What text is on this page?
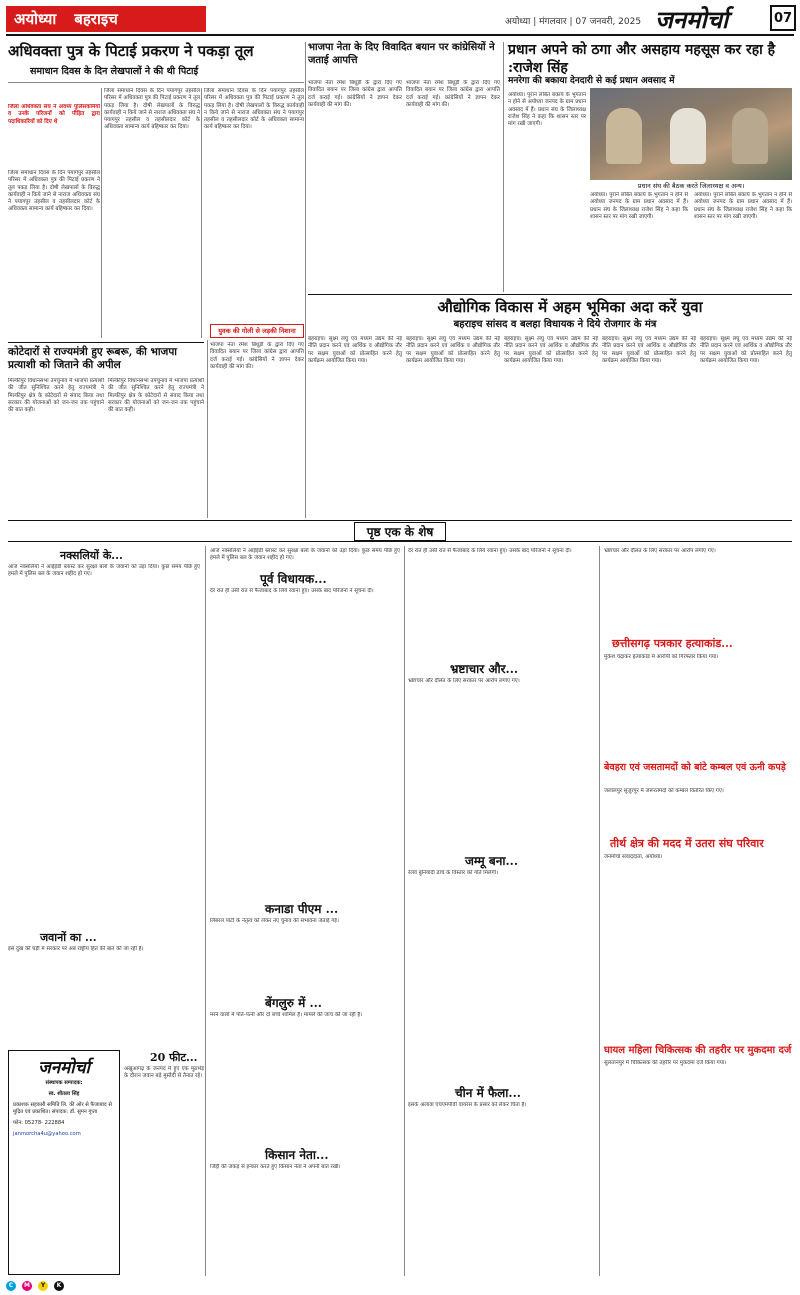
अयोध्या बहराइच	अयोध्या | मंगलवार | 07 जनवरी, 2025 जनमोर्चा	07
अधिवक्ता पुत्र के पिटाई प्रकरण ने पकड़ा तूल
समाधान दिवस के दिन लेखपालों ने की थी पिटाई
जिला अधिवक्ता संघ ने अवध्य पुलिसकर्मियों व उनके परिजनों को पीड़ित द्वारा पदाधिकारियों को दिए थे
जिला समाधान दिवस के दिन पयागपुर तहसील परिसर में अधिवक्ता पुत्र की पिटाई प्रकरण ने तूल पकड़ लिया है। दोषी लेखपालों के विरुद्ध कार्यवाही न किये जाने से नाराज अधिवक्ता संघ ने पयागपुर तहसील व तहसीलदार कोर्ट के अधिवक्ता सामान्य कार्य बहिष्कार कर दिया।
जिला समाधान दिवस के दिन पयागपुर तहसील परिसर में अधिवक्ता पुत्र की पिटाई प्रकरण ने तूल पकड़ लिया है। दोषी लेखपालों के विरुद्ध कार्यवाही न किये जाने से नाराज अधिवक्ता संघ ने पयागपुर तहसील व तहसीलदार कोर्ट के अधिवक्ता सामान्य कार्य बहिष्कार कर दिया।
जिला समाधान दिवस के दिन पयागपुर तहसील परिसर में अधिवक्ता पुत्र की पिटाई प्रकरण ने तूल पकड़ लिया है। दोषी लेखपालों के विरुद्ध कार्यवाही न किये जाने से नाराज अधिवक्ता संघ ने पयागपुर तहसील व तहसीलदार कोर्ट के अधिवक्ता सामान्य कार्य बहिष्कार कर दिया।
कोटेदारों से राज्यमंत्री हुए रूबरू, की भाजपा प्रत्याशी को जिताने की अपील
मिल्कीपुर विधानसभा उपचुनाव में भाजपा प्रत्याशी की जीत सुनिश्चित करने हेतु राज्यमंत्री ने मिल्कीपुर क्षेत्र के कोटेदारों से संवाद किया तथा सरकार की योजनाओं को जन-जन तक पहुंचाने की बात कही।
मिल्कीपुर विधानसभा उपचुनाव में भाजपा प्रत्याशी की जीत सुनिश्चित करने हेतु राज्यमंत्री ने मिल्कीपुर क्षेत्र के कोटेदारों से संवाद किया तथा सरकार की योजनाओं को जन-जन तक पहुंचाने की बात कही।
भाजपा नेता के दिए विवादित बयान पर कांग्रेसियों ने जताई आपत्ति
भाजपा नेता रमेश बिधूड़ी के द्वारा दिए गए विवादित बयान पर जिला कांग्रेस द्वारा आपत्ति दर्ज कराई गई। कांग्रेसियों ने ज्ञापन देकर कार्यवाही की मांग की।
युवक की गोली से लड़की निशाना
भाजपा नेता रमेश बिधूड़ी के द्वारा दिए गए विवादित बयान पर जिला कांग्रेस द्वारा आपत्ति दर्ज कराई गई। कांग्रेसियों ने ज्ञापन देकर कार्यवाही की मांग की।
भाजपा नेता रमेश बिधूड़ी के द्वारा दिए गए विवादित बयान पर जिला कांग्रेस द्वारा आपत्ति दर्ज कराई गई। कांग्रेसियों ने ज्ञापन देकर कार्यवाही की मांग की।
प्रधान अपने को ठगा और असहाय महसूस कर रहा है :राजेश सिंह
मनरेगा की बकाया देनदारी से कई प्रधान अवसाद में
अयोध्या। पुराने लंबित बकाये के भुगतान न होने से अयोध्या जनपद के ग्राम प्रधान अवसाद में हैं। प्रधान संघ के जिलाध्यक्ष राजेश सिंह ने कहा कि शासन स्तर पर मांग रखी जाएगी।
प्रधान संघ की बैठक करते जिलाध्यक्ष व अन्य।
अयोध्या। पुराने लंबित बकाये के भुगतान न होने से अयोध्या जनपद के ग्राम प्रधान अवसाद में हैं। प्रधान संघ के जिलाध्यक्ष राजेश सिंह ने कहा कि शासन स्तर पर मांग रखी जाएगी।
अयोध्या। पुराने लंबित बकाये के भुगतान न होने से अयोध्या जनपद के ग्राम प्रधान अवसाद में हैं। प्रधान संघ के जिलाध्यक्ष राजेश सिंह ने कहा कि शासन स्तर पर मांग रखी जाएगी।
औद्योगिक विकास में अहम भूमिका अदा करें युवा
बहराइच सांसद व बलहा विधायक ने दिये रोजगार के मंत्र
बहराइच। सूक्ष्म लघु एवं मध्यम उद्यम की नई नीति प्रदान करने एवं आर्थिक व औद्योगिक तौर पर सक्षम युवाओं को प्रोत्साहित करने हेतु कार्यक्रम आयोजित किया गया।
बहराइच। सूक्ष्म लघु एवं मध्यम उद्यम की नई नीति प्रदान करने एवं आर्थिक व औद्योगिक तौर पर सक्षम युवाओं को प्रोत्साहित करने हेतु कार्यक्रम आयोजित किया गया।
बहराइच। सूक्ष्म लघु एवं मध्यम उद्यम की नई नीति प्रदान करने एवं आर्थिक व औद्योगिक तौर पर सक्षम युवाओं को प्रोत्साहित करने हेतु कार्यक्रम आयोजित किया गया।
बहराइच। सूक्ष्म लघु एवं मध्यम उद्यम की नई नीति प्रदान करने एवं आर्थिक व औद्योगिक तौर पर सक्षम युवाओं को प्रोत्साहित करने हेतु कार्यक्रम आयोजित किया गया।
बहराइच। सूक्ष्म लघु एवं मध्यम उद्यम की नई नीति प्रदान करने एवं आर्थिक व औद्योगिक तौर पर सक्षम युवाओं को प्रोत्साहित करने हेतु कार्यक्रम आयोजित किया गया।
पृष्ठ एक के शेष
नक्सलियों के...
आज नक्सलियों ने आईईडी ब्लास्ट कर सुरक्षा बलों के जवानों को उड़ा दिया। कुछ समय पीछे हुए हमले में पुलिस बल के जवान शहीद हो गए।
जवानों का ...
इस दुख की घड़ी में सरकार पर अब राष्ट्रीय हित की बात की जा रही है।
जनमोर्चा
संस्थापक सम्पादक:
स्व. शीतला सिंह
प्रकाशक सहकारी समिति लि. की ओर से फैजाबाद से मुद्रित एवं प्रकाशित। संपादक: डॉ. सुमन गुप्ता
फोन: 05278- 222884
janmorcha4u@yahoo.com
20 फीट...
अखुआगढ़ के जनपद में हुए एक मुठभेड़ के दौरान जवान बड़े मुस्तैदी से तैनात रहे।
आज नक्सलियों ने आईईडी ब्लास्ट कर सुरक्षा बलों के जवानों को उड़ा दिया। कुछ समय पीछे हुए हमले में पुलिस बल के जवान शहीद हो गए।
पूर्व विधायक...
देर रात ही उसी रात से फैजाबाद के लिये रवाना हुए। उसके बाद परिजनों ने सूचना दी।
कनाडा पीएम ...
लिबरल पार्टी के नेतृत्व को लेकर नए चुनाव की संभावना जताई गई।
बेंगलुरु में ...
मरने वालों में पति-पत्नी और दो बच्चे शामिल हैं। मामले की जांच की जा रही है।
किसान नेता...
जिद्दी की जकड़ से इन्कार करते हुए किसान नेता ने अपनी बात रखी।
देर रात ही उसी रात से फैजाबाद के लिये रवाना हुए। उसके बाद परिजनों ने सूचना दी।
भ्रष्टाचार और...
भ्रष्टाचार और दौलत के लिए सरकार पर आरोप लगाए गए।
जम्मू बना...
रेलवे बुनियादी ढांचे के विस्तार को गति मिलेगी।
चीन में फैला...
इसके अलावा एचएमपीवी वायरस के प्रसार को लेकर चिंता है।
भ्रष्टाचार और दौलत के लिए सरकार पर आरोप लगाए गए।
छत्तीसगढ़ पत्रकार हत्याकांड...
मुकेश चंद्राकर हत्याकांड में आरोपी को गिरफ्तार किया गया।
बेवहरा एवं जसतामदों को बांटे कम्बल एवं ऊनी कपड़े
जलालपुर सुजुरपुर में जरूरतमंदों को कम्बल वितरित किए गए।
तीर्थ क्षेत्र की मदद में उतरा संघ परिवार
जनमोर्चा संवाददाता, अयोध्या।
घायल महिला चिकित्सक की तहरीर पर मुकदमा दर्ज
सुलतानपुर में चिकित्सक की तहरीर पर मुकदमा दर्ज किया गया।
C	M	Y	K
